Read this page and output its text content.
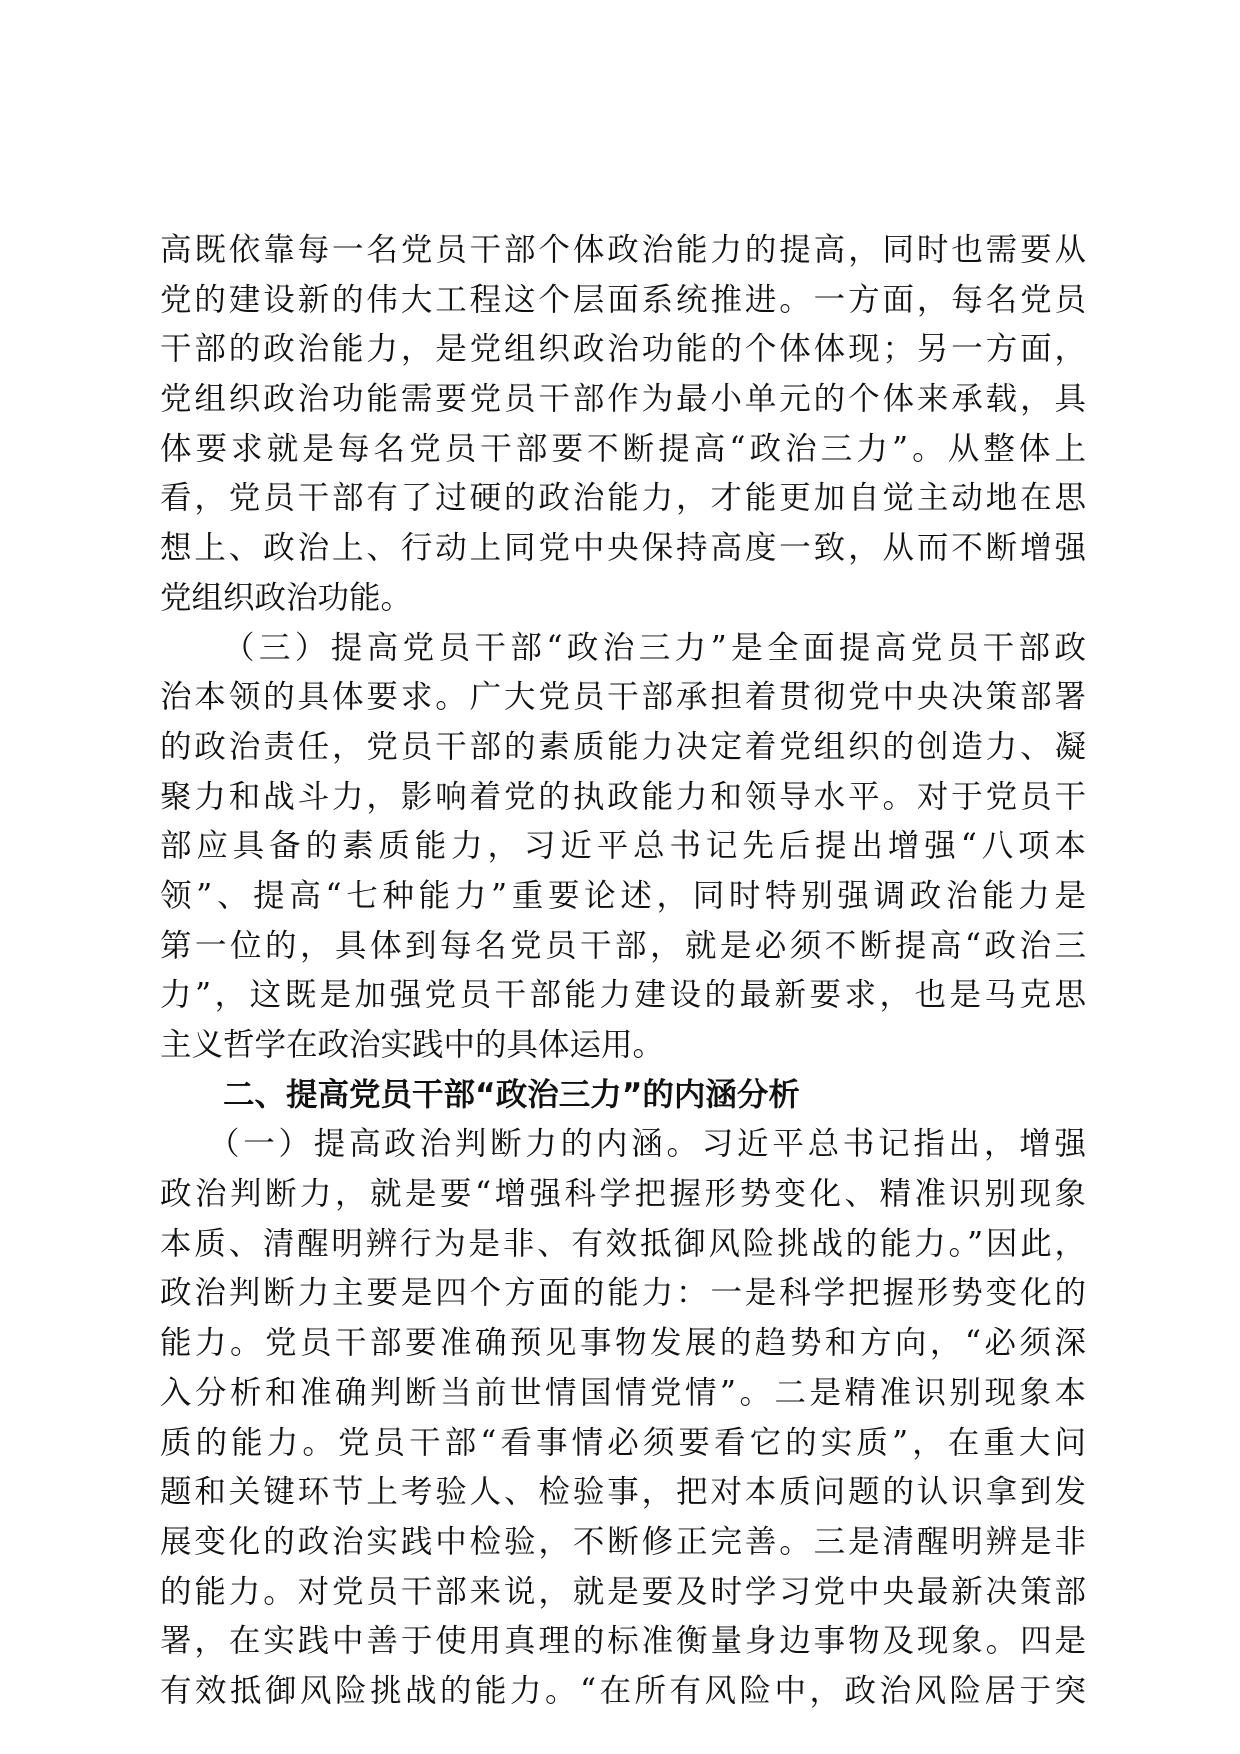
高既依靠每一名党员干部个体政治能力的提高，同时也需要从
党的建设新的伟大工程这个层面系统推进。一方面，每名党员
干部的政治能力，是党组织政治功能的个体体现；另一方面，
党组织政治功能需要党员干部作为最小单元的个体来承载，具
体要求就是每名党员干部要不断提高“政治三力”。从整体上
看，党员干部有了过硬的政治能力，才能更加自觉主动地在思
想上、政治上、行动上同党中央保持高度一致，从而不断增强
党组织政治功能。
（三）提高党员干部“政治三力”是全面提高党员干部政
治本领的具体要求。广大党员干部承担着贯彻党中央决策部署
的政治责任，党员干部的素质能力决定着党组织的创造力、凝
聚力和战斗力，影响着党的执政能力和领导水平。对于党员干
部应具备的素质能力，习近平总书记先后提出增强“八项本
领”、提高“七种能力”重要论述，同时特别强调政治能力是
第一位的，具体到每名党员干部，就是必须不断提高“政治三
力”，这既是加强党员干部能力建设的最新要求，也是马克思
主义哲学在政治实践中的具体运用。
二、提高党员干部“政治三力”的内涵分析
（一）提高政治判断力的内涵。习近平总书记指出，增强
政治判断力，就是要“增强科学把握形势变化、精准识别现象
本质、清醒明辨行为是非、有效抵御风险挑战的能力。”因此，
政治判断力主要是四个方面的能力：一是科学把握形势变化的
能力。党员干部要准确预见事物发展的趋势和方向，“必须深
入分析和准确判断当前世情国情党情”。二是精准识别现象本
质的能力。党员干部“看事情必须要看它的实质”，在重大问
题和关键环节上考验人、检验事，把对本质问题的认识拿到发
展变化的政治实践中检验，不断修正完善。三是清醒明辨是非
的能力。对党员干部来说，就是要及时学习党中央最新决策部
署，在实践中善于使用真理的标准衡量身边事物及现象。四是
有效抵御风险挑战的能力。“在所有风险中，政治风险居于突
